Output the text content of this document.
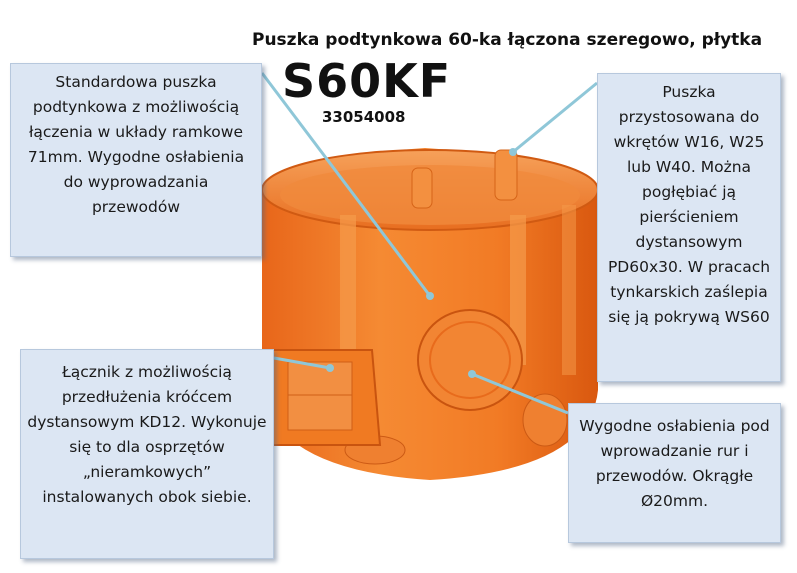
Puszka podtynkowa 60-ka łączona szeregowo, płytka
S60KF
33054008
Standardowa puszka podtynkowa z możliwością łączenia w układy ramkowe 71mm. Wygodne osłabienia do wyprowadzania przewodów
Puszka przystosowana do wkrętów W16, W25 lub W40. Można pogłębiać ją pierścieniem dystansowym PD60x30. W pracach tynkarskich zaślepia się ją pokrywą WS60
Łącznik z możliwością przedłużenia króćcem dystansowym KD12. Wykonuje się to dla osprzętów „nieramkowych” instalowanych obok siebie.
Wygodne osłabienia pod wprowadzanie rur i przewodów. Okrągłe Ø20mm.
